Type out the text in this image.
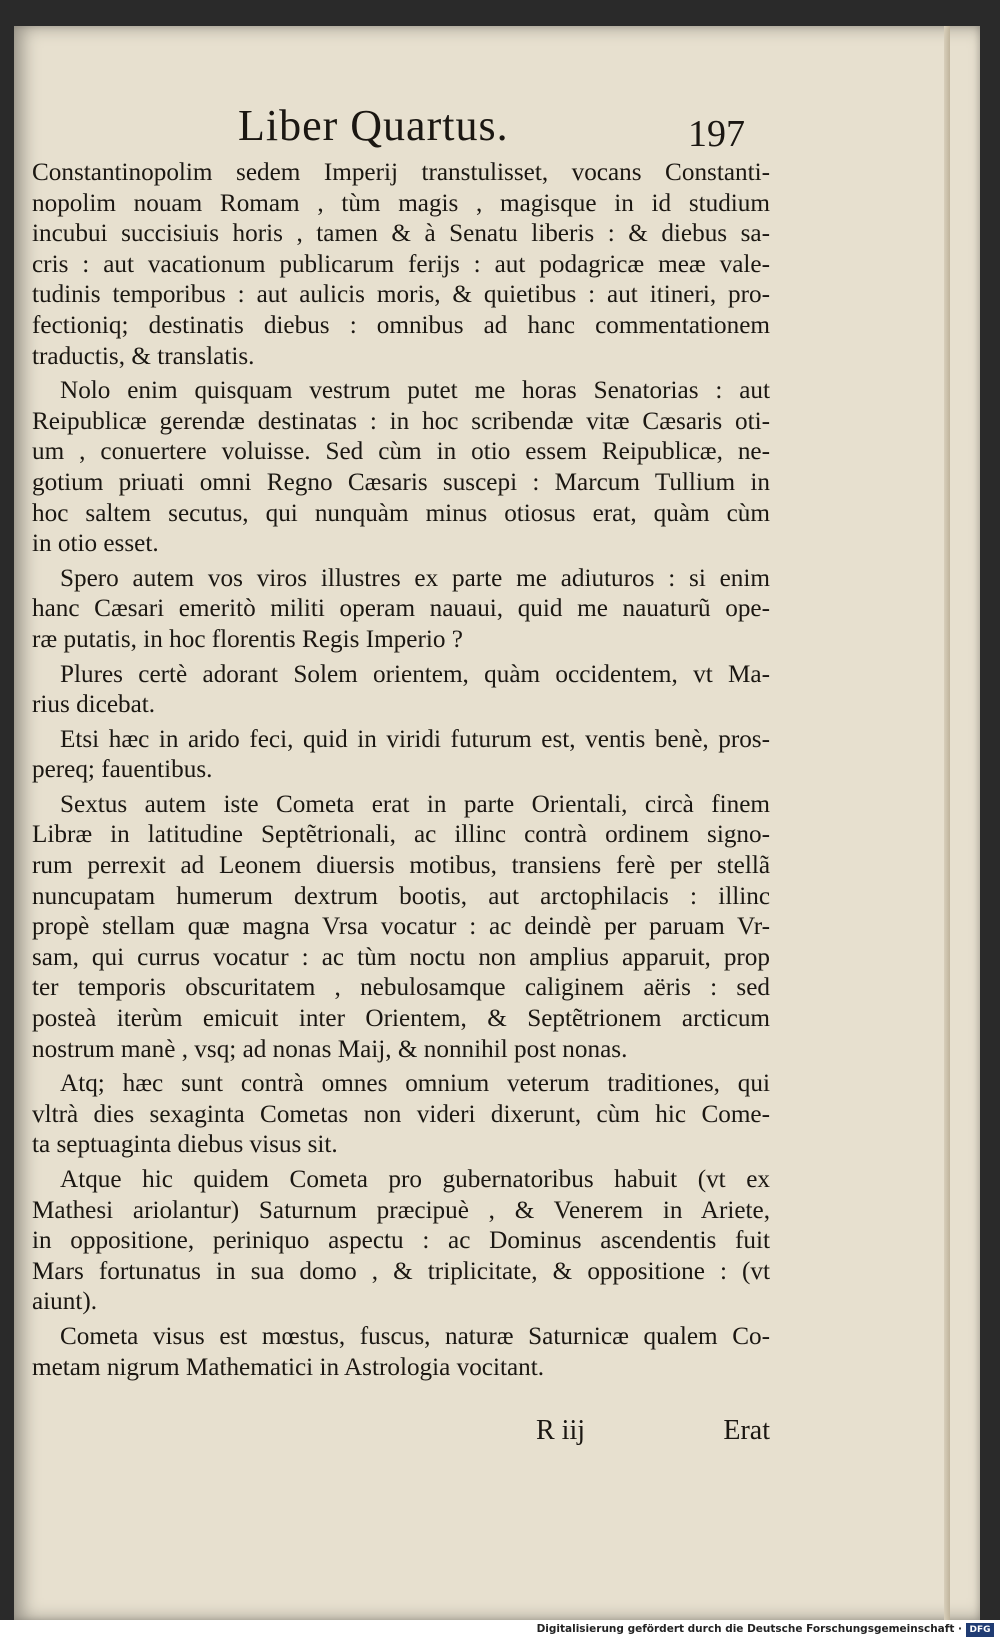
Liber Quartus.	197
Constantinopolim sedem Imperij transtulisset, vocans Constanti-
nopolim nouam Romam , tùm magis , magisque in id studium
incubui succisiuis horis , tamen & à Senatu liberis : & diebus sa-
cris : aut vacationum publicarum ferijs : aut podagricæ meæ vale-
tudinis temporibus : aut aulicis moris, & quietibus : aut itineri, pro-
fectioniq; destinatis diebus : omnibus ad hanc commentationem
traductis, & translatis.
Nolo enim quisquam vestrum putet me horas Senatorias : aut
Reipublicæ gerendæ destinatas : in hoc scribendæ vitæ Cæsaris oti-
um , conuertere voluisse. Sed cùm in otio essem Reipublicæ, ne-
gotium priuati omni Regno Cæsaris suscepi : Marcum Tullium in
hoc saltem secutus, qui nunquàm minus otiosus erat, quàm cùm
in otio esset.
Spero autem vos viros illustres ex parte me adiuturos : si enim
hanc Cæsari emeritò militi operam nauaui, quid me nauaturũ ope-
ræ putatis, in hoc florentis Regis Imperio ?
Plures certè adorant Solem orientem, quàm occidentem, vt Ma-
rius dicebat.
Etsi hæc in arido feci, quid in viridi futurum est, ventis benè, pros-
pereq; fauentibus.
Sextus autem iste Cometa erat in parte Orientali, circà finem
Libræ in latitudine Septẽtrionali, ac illinc contrà ordinem signo-
rum perrexit ad Leonem diuersis motibus, transiens ferè per stellã
nuncupatam humerum dextrum bootis, aut arctophilacis : illinc
propè stellam quæ magna Vrsa vocatur : ac deindè per paruam Vr-
sam, qui currus vocatur : ac tùm noctu non amplius apparuit, prop
ter temporis obscuritatem , nebulosamque caliginem aëris : sed
posteà iterùm emicuit inter Orientem, & Septẽtrionem arcticum
nostrum manè , vsq; ad nonas Maij, & nonnihil post nonas.
Atq; hæc sunt contrà omnes omnium veterum traditiones, qui
vltrà dies sexaginta Cometas non videri dixerunt, cùm hic Come-
ta septuaginta diebus visus sit.
Atque hic quidem Cometa pro gubernatoribus habuit (vt ex
Mathesi ariolantur) Saturnum præcipuè , & Venerem in Ariete,
in oppositione, periniquo aspectu : ac Dominus ascendentis fuit
Mars fortunatus in sua domo , & triplicitate, & oppositione : (vt
aiunt).
Cometa visus est mœstus, fuscus, naturæ Saturnicæ qualem Co-
metam nigrum Mathematici in Astrologia vocitant.
R iij	Erat
Digitalisierung gefördert durch die Deutsche Forschungsgemeinschaft · DFG
